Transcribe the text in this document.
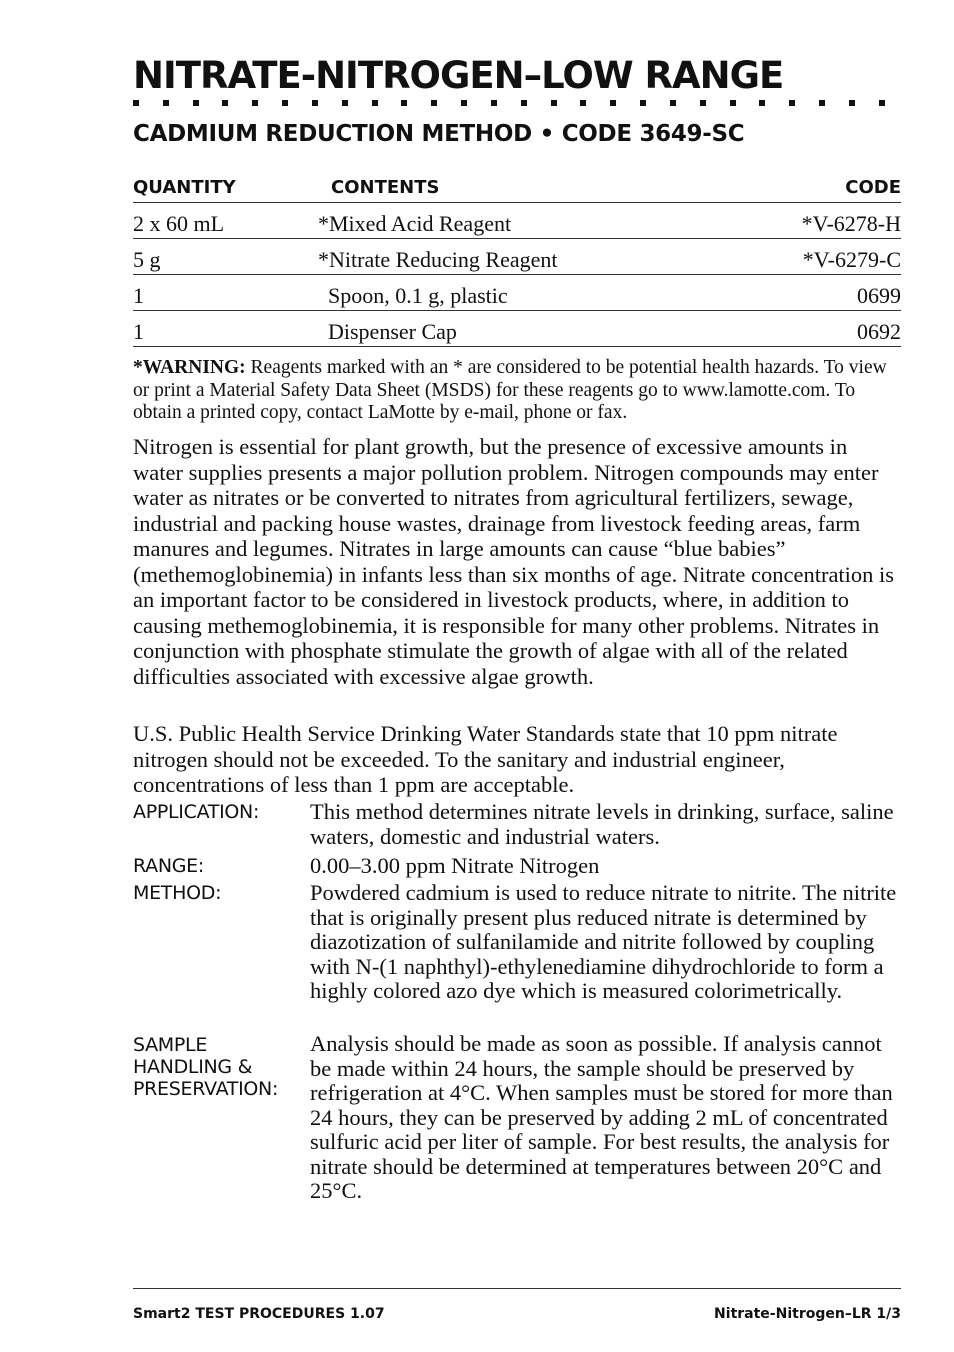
NITRATE-NITROGEN–LOW RANGE
CADMIUM REDUCTION METHOD • CODE 3649-SC
QUANTITY	CONTENTS	CODE
2 x 60 mL	*Mixed Acid Reagent	*V-6278-H
5 g	*Nitrate Reducing Reagent	*V-6279-C
1	Spoon, 0.1 g, plastic	0699
1	Dispenser Cap	0692
*WARNING: Reagents marked with an * are considered to be potential health hazards. To view or print a Material Safety Data Sheet (MSDS) for these reagents go to www.lamotte.com. To obtain a printed copy, contact LaMotte by e-mail, phone or fax.
Nitrogen is essential for plant growth, but the presence of excessive amounts in water supplies presents a major pollution problem. Nitrogen compounds may enter water as nitrates or be converted to nitrates from agricultural fertilizers, sewage, industrial and packing house wastes, drainage from livestock feeding areas, farm manures and legumes. Nitrates in large amounts can cause “blue babies” (methemoglobinemia) in infants less than six months of age. Nitrate concentration is an important factor to be considered in livestock products, where, in addition to causing methemoglobinemia, it is responsible for many other problems. Nitrates in conjunction with phosphate stimulate the growth of algae with all of the related difficulties associated with excessive algae growth.
U.S. Public Health Service Drinking Water Standards state that 10 ppm nitrate nitrogen should not be exceeded. To the sanitary and industrial engineer, concentrations of less than 1 ppm are acceptable.
APPLICATION: This method determines nitrate levels in drinking, surface, saline waters, domestic and industrial waters.
RANGE:	0.00–3.00 ppm Nitrate Nitrogen
METHOD:	Powdered cadmium is used to reduce nitrate to nitrite. The nitrite that is originally present plus reduced nitrate is determined by diazotization of sulfanilamide and nitrite followed by coupling with N-(1 naphthyl)-ethylenediamine dihydrochloride to form a highly colored azo dye which is measured colorimetrically.
SAMPLE
HANDLING &
PRESERVATION:
Analysis should be made as soon as possible. If analysis cannot be made within 24 hours, the sample should be preserved by refrigeration at 4°C. When samples must be stored for more than 24 hours, they can be preserved by adding 2 mL of concentrated sulfuric acid per liter of sample. For best results, the analysis for nitrate should be determined at temperatures between 20°C and 25°C.
Smart2 TEST PROCEDURES 1.07	Nitrate-Nitrogen–LR 1/3
